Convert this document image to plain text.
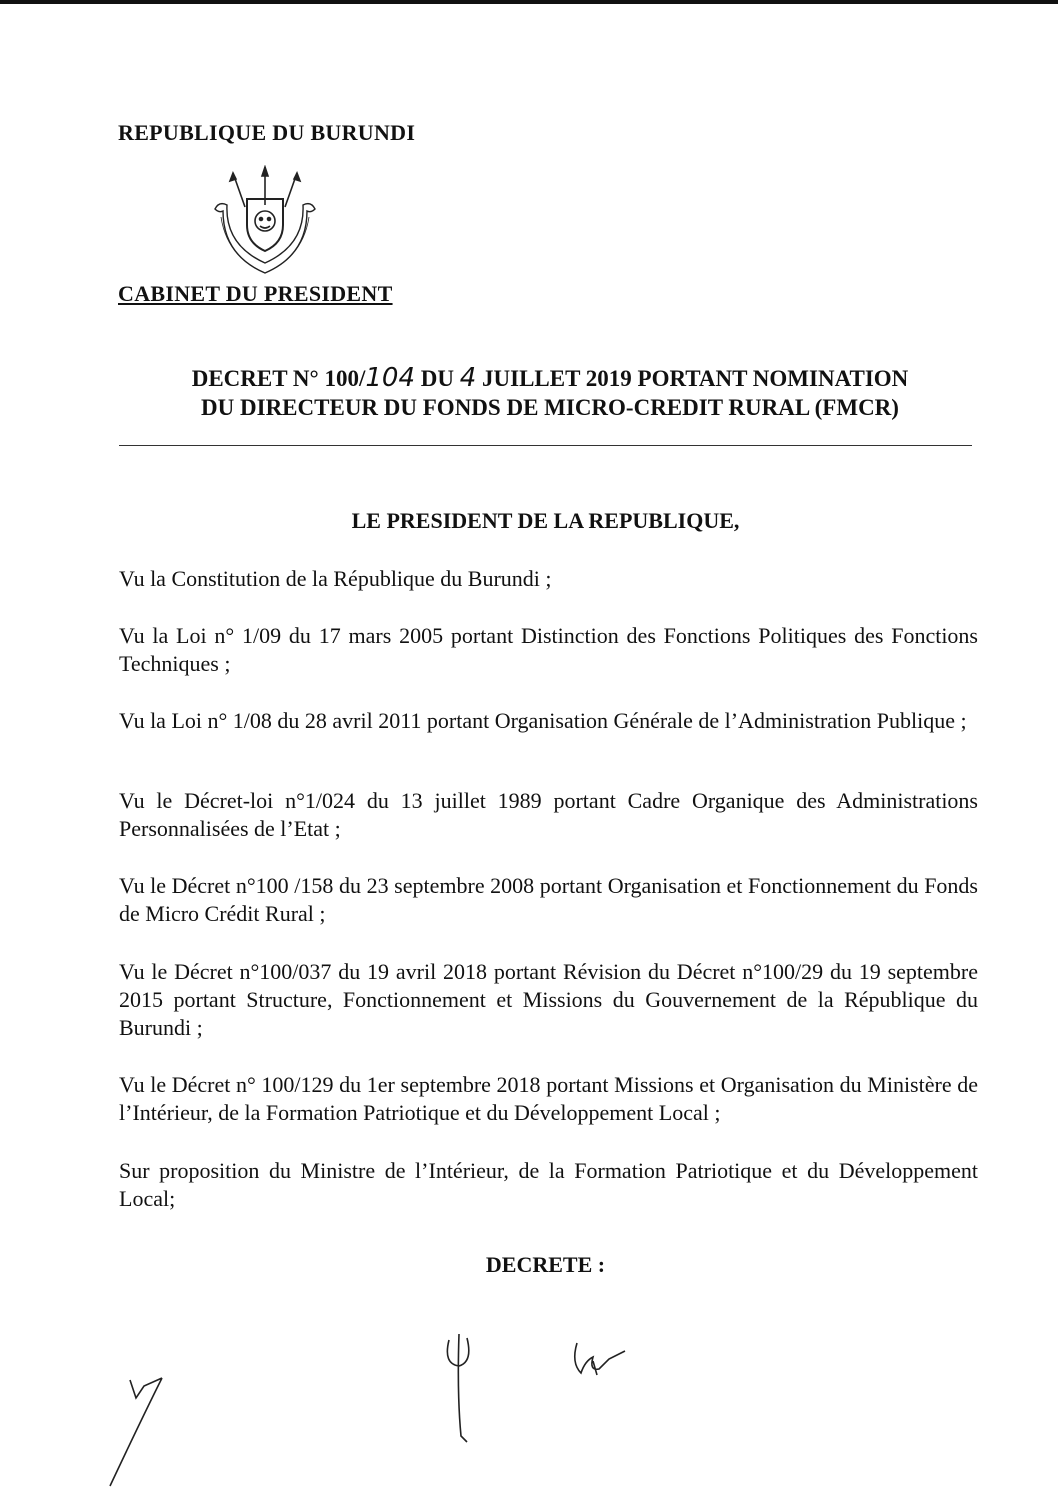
REPUBLIQUE DU BURUNDI
CABINET DU PRESIDENT
DECRET N° 100/104 DU 4 JUILLET 2019 PORTANT NOMINATION
DU DIRECTEUR DU FONDS DE MICRO-CREDIT RURAL (FMCR)
LE PRESIDENT DE LA REPUBLIQUE,
Vu la Constitution de la République du Burundi ;
Vu la Loi n° 1/09 du 17 mars 2005 portant Distinction des Fonctions Politiques des Fonctions Techniques ;
Vu la Loi n° 1/08 du 28 avril 2011 portant Organisation Générale de l’Administration Publique ;
Vu le Décret-loi n°1/024 du 13 juillet 1989 portant Cadre Organique des Administrations Personnalisées de l’Etat ;
Vu le Décret n°100 /158 du 23 septembre 2008 portant Organisation et Fonctionnement du Fonds de Micro Crédit Rural ;
Vu le Décret n°100/037 du 19 avril 2018 portant Révision du Décret n°100/29 du 19 septembre 2015 portant Structure, Fonctionnement et Missions du Gouvernement de la République du Burundi ;
Vu le Décret n° 100/129 du 1er septembre 2018 portant Missions et Organisation du Ministère de l’Intérieur, de la Formation Patriotique et du Développement Local ;
Sur proposition du Ministre de l’Intérieur, de la Formation Patriotique et du Développement Local;
DECRETE :
